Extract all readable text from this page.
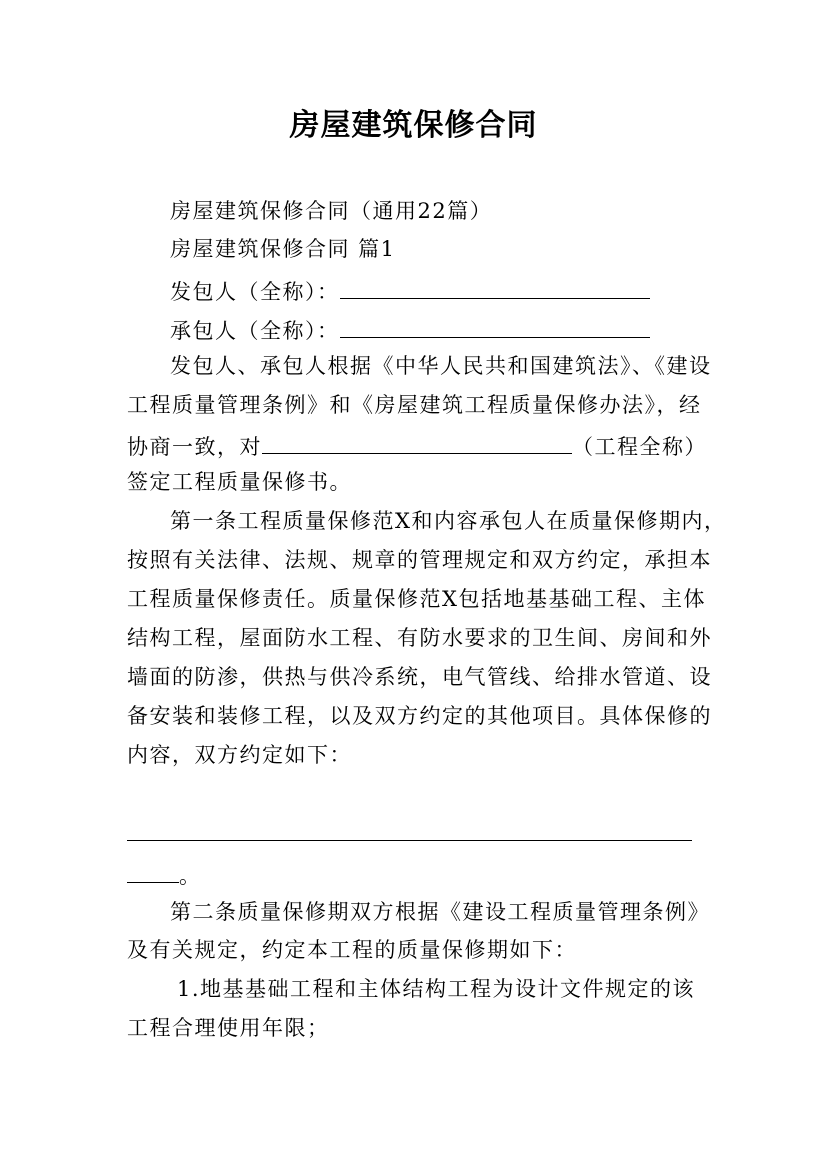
房屋建筑保修合同
房屋建筑保修合同（通用22篇）
房屋建筑保修合同 篇1
发包人（全称）：
承包人（全称）：
发包人、承包人根据《中华人民共和国建筑法》、《建设
工程质量管理条例》和《房屋建筑工程质量保修办法》，经
协商一致，对	（工程全称）
签定工程质量保修书。
第一条工程质量保修范X和内容承包人在质量保修期内，
按照有关法律、法规、规章的管理规定和双方约定，承担本
工程质量保修责任。质量保修范X包括地基基础工程、主体
结构工程，屋面防水工程、有防水要求的卫生间、房间和外
墙面的防渗，供热与供冷系统，电气管线、给排水管道、设
备安装和装修工程，以及双方约定的其他项目。具体保修的
内容，双方约定如下：
。
第二条质量保修期双方根据《建设工程质量管理条例》
及有关规定，约定本工程的质量保修期如下：
1.地基基础工程和主体结构工程为设计文件规定的该
工程合理使用年限；
